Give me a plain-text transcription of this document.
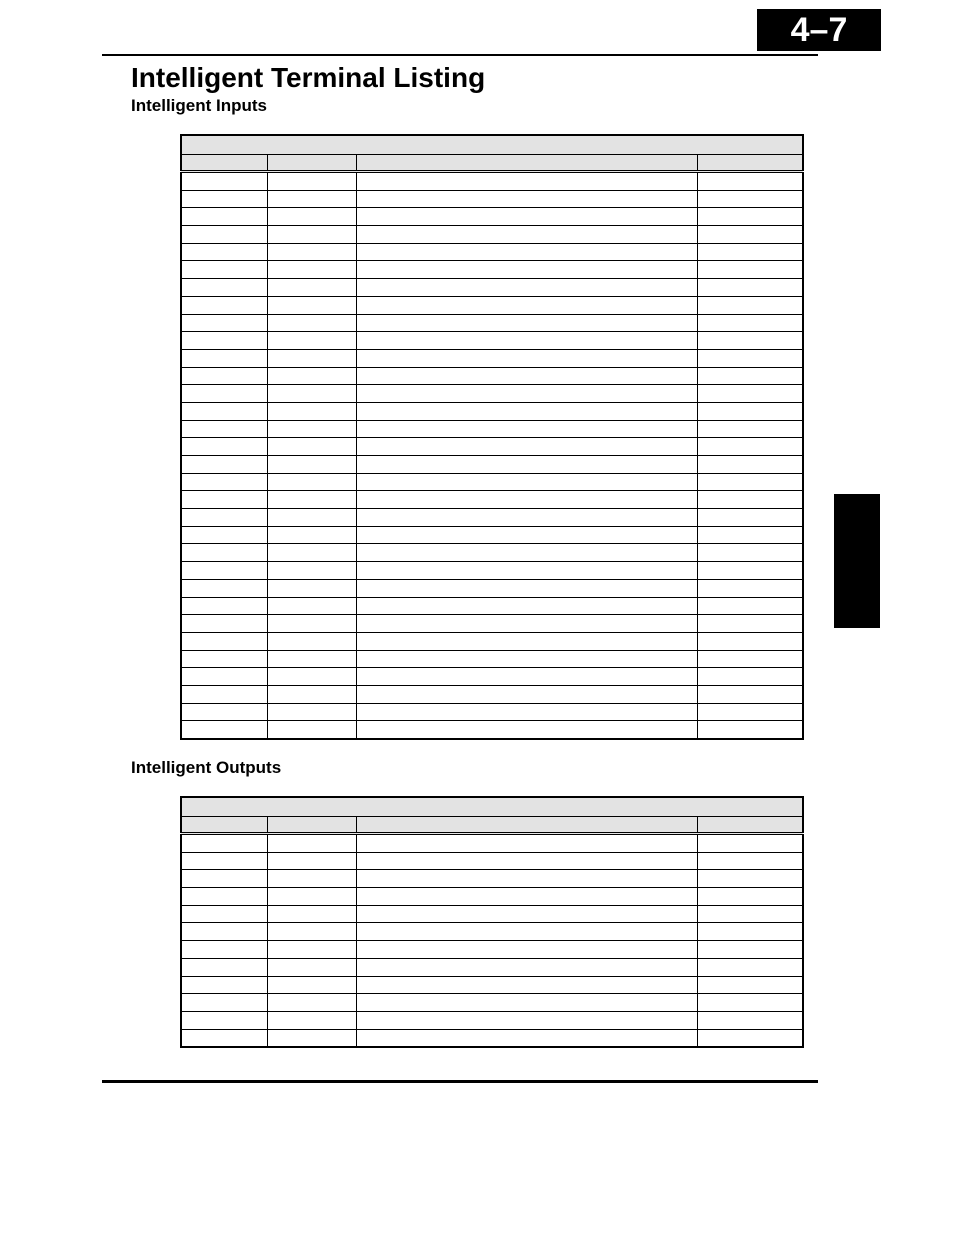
4–7
Intelligent Terminal Listing
Intelligent Inputs

Intelligent Outputs
